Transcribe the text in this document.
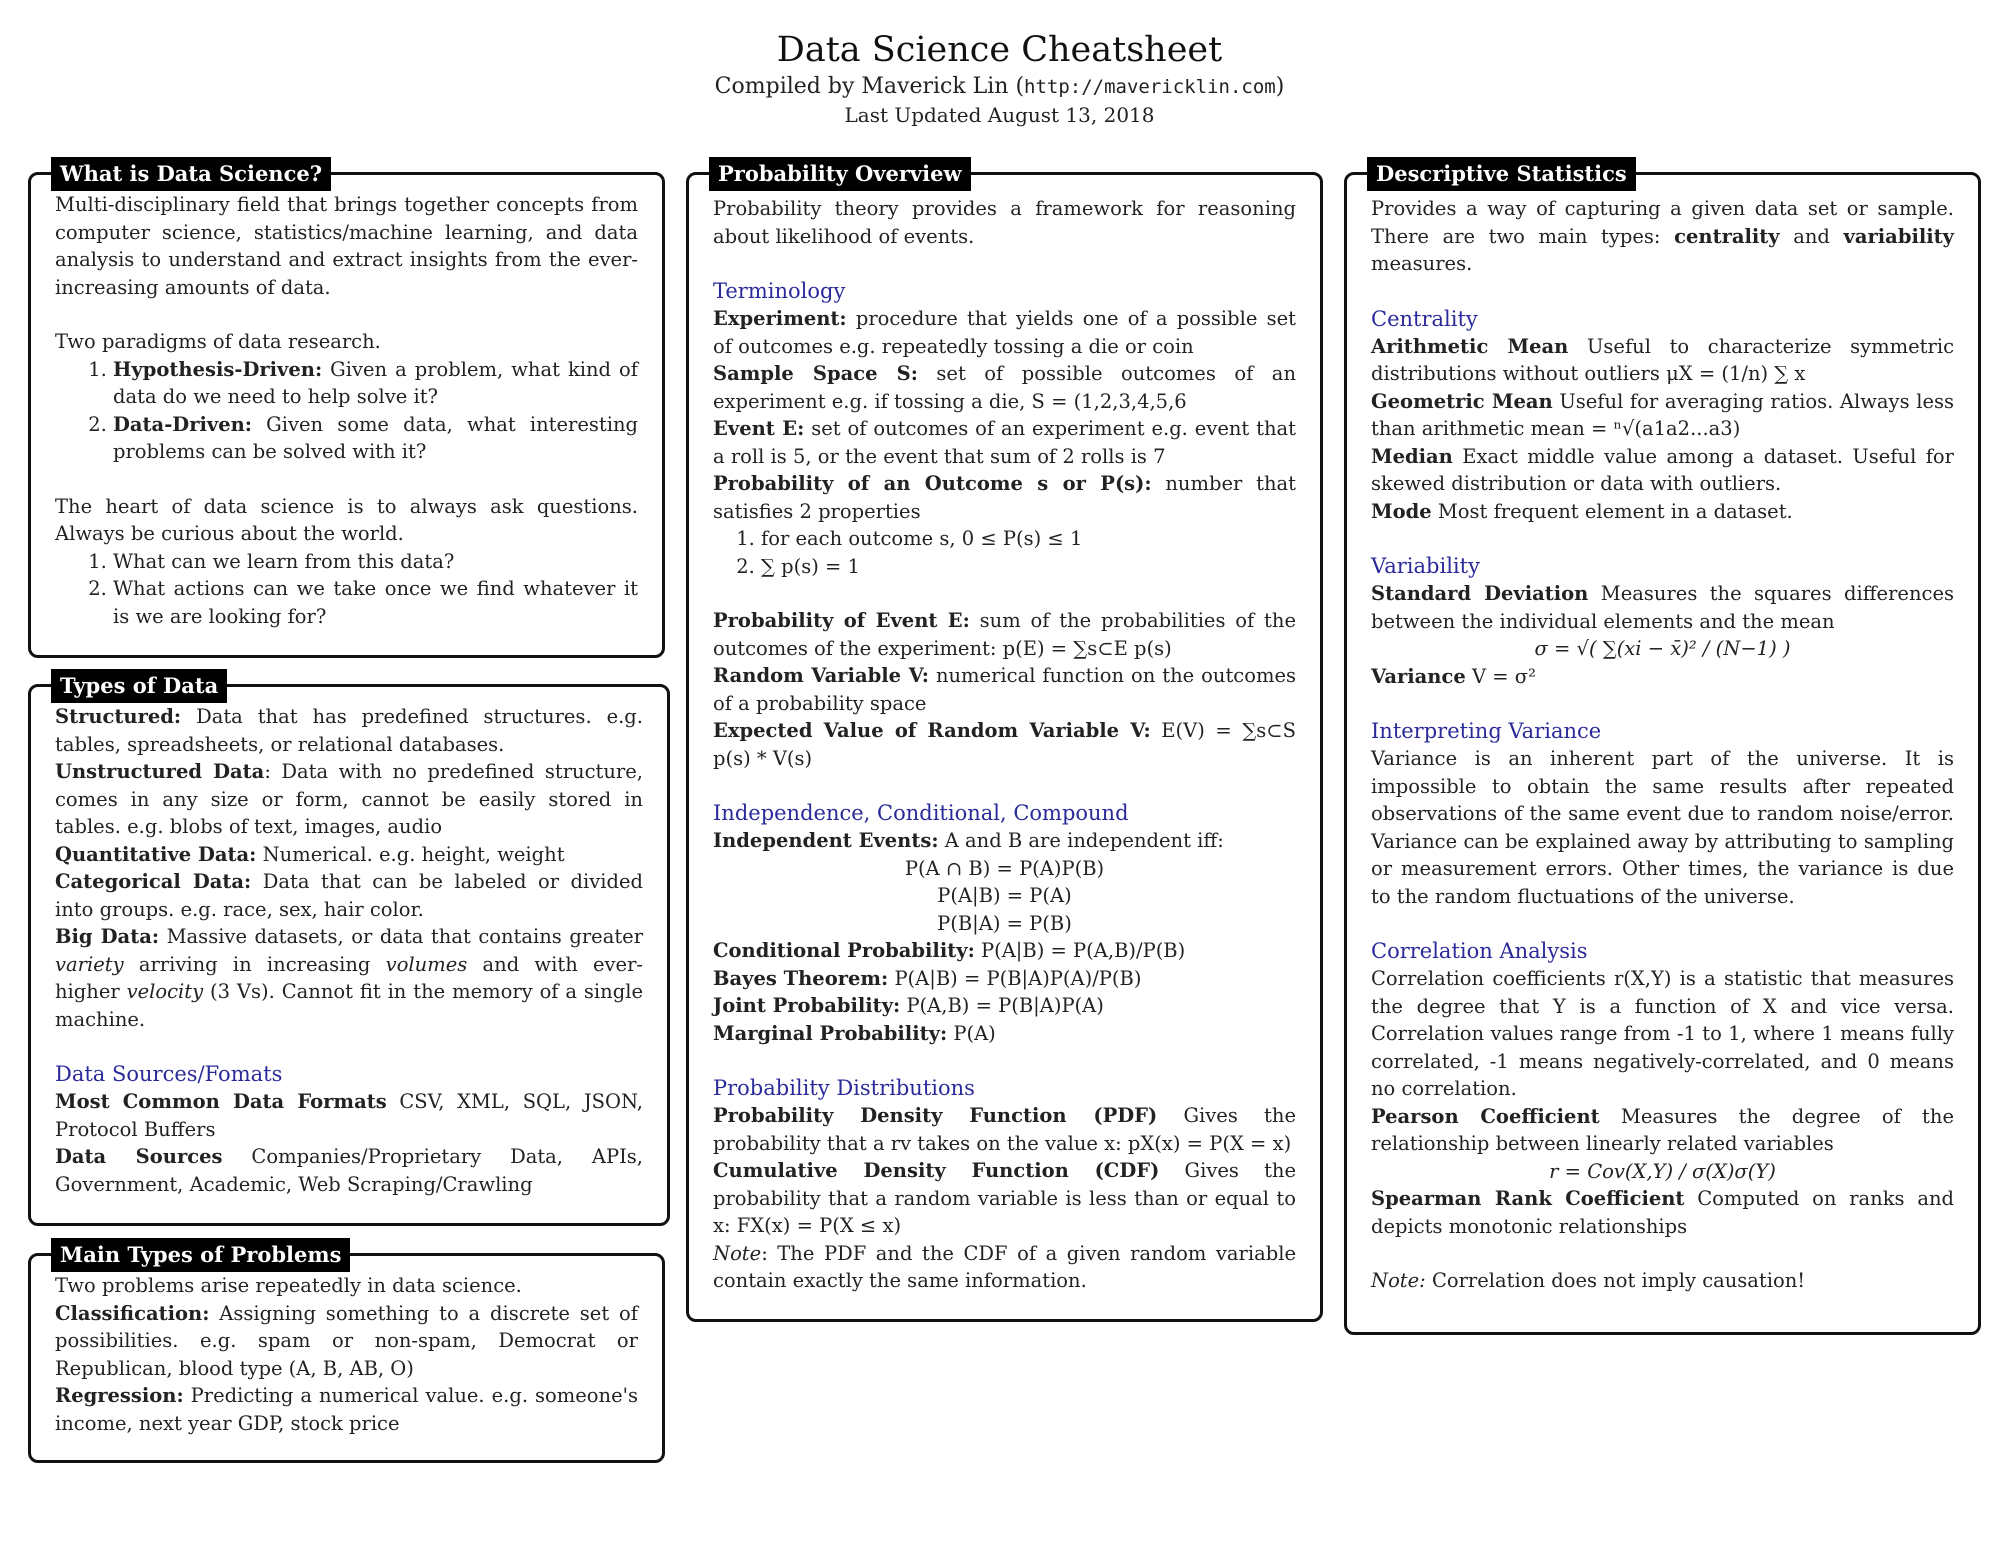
Data Science Cheatsheet
Compiled by Maverick Lin (http://mavericklin.com)
Last Updated August 13, 2018
What is Data Science?
Multi-disciplinary field that brings together concepts from computer science, statistics/machine learning, and data analysis to understand and extract insights from the ever-increasing amounts of data.
Two paradigms of data research.
1. Hypothesis-Driven: Given a problem, what kind of data do we need to help solve it?
2. Data-Driven: Given some data, what interesting problems can be solved with it?
The heart of data science is to always ask questions. Always be curious about the world.
1. What can we learn from this data?
2. What actions can we take once we find whatever it is we are looking for?
Types of Data
Structured: Data that has predefined structures. e.g. tables, spreadsheets, or relational databases.
Unstructured Data: Data with no predefined structure, comes in any size or form, cannot be easily stored in tables. e.g. blobs of text, images, audio
Quantitative Data: Numerical. e.g. height, weight
Categorical Data: Data that can be labeled or divided into groups. e.g. race, sex, hair color.
Big Data: Massive datasets, or data that contains greater variety arriving in increasing volumes and with ever-higher velocity (3 Vs). Cannot fit in the memory of a single machine.
Data Sources/Fomats
Most Common Data Formats CSV, XML, SQL, JSON, Protocol Buffers
Data Sources Companies/Proprietary Data, APIs, Government, Academic, Web Scraping/Crawling
Main Types of Problems
Two problems arise repeatedly in data science.
Classification: Assigning something to a discrete set of possibilities. e.g. spam or non-spam, Democrat or Republican, blood type (A, B, AB, O)
Regression: Predicting a numerical value. e.g. someone's income, next year GDP, stock price
Probability Overview
Probability theory provides a framework for reasoning about likelihood of events.
Terminology
Experiment: procedure that yields one of a possible set of outcomes e.g. repeatedly tossing a die or coin
Sample Space S: set of possible outcomes of an experiment e.g. if tossing a die, S = (1,2,3,4,5,6
Event E: set of outcomes of an experiment e.g. event that a roll is 5, or the event that sum of 2 rolls is 7
Probability of an Outcome s or P(s): number that satisfies 2 properties
1. for each outcome s, 0 ≤ P(s) ≤ 1
2. ∑ p(s) = 1
Probability of Event E: sum of the probabilities of the outcomes of the experiment: p(E) = ∑s⊂E p(s)
Random Variable V: numerical function on the outcomes of a probability space
Expected Value of Random Variable V: E(V) = ∑s⊂S p(s) * V(s)
Independence, Conditional, Compound
Independent Events: A and B are independent iff:
P(A ∩ B) = P(A)P(B)
P(A|B) = P(A)
P(B|A) = P(B)
Conditional Probability: P(A|B) = P(A,B)/P(B)
Bayes Theorem: P(A|B) = P(B|A)P(A)/P(B)
Joint Probability: P(A,B) = P(B|A)P(A)
Marginal Probability: P(A)
Probability Distributions
Probability Density Function (PDF) Gives the probability that a rv takes on the value x: pX(x) = P(X = x)
Cumulative Density Function (CDF) Gives the probability that a random variable is less than or equal to x: FX(x) = P(X ≤ x)
Note: The PDF and the CDF of a given random variable contain exactly the same information.
Descriptive Statistics
Provides a way of capturing a given data set or sample. There are two main types: centrality and variability measures.
Centrality
Arithmetic Mean Useful to characterize symmetric distributions without outliers μX = (1/n) ∑ x
Geometric Mean Useful for averaging ratios. Always less than arithmetic mean = ⁿ√(a1a2...a3)
Median Exact middle value among a dataset. Useful for skewed distribution or data with outliers.
Mode Most frequent element in a dataset.
Variability
Standard Deviation Measures the squares differences between the individual elements and the mean
σ = √( ∑(xi − x̄)² / (N−1) )
Variance V = σ²
Interpreting Variance
Variance is an inherent part of the universe. It is impossible to obtain the same results after repeated observations of the same event due to random noise/error. Variance can be explained away by attributing to sampling or measurement errors. Other times, the variance is due to the random fluctuations of the universe.
Correlation Analysis
Correlation coefficients r(X,Y) is a statistic that measures the degree that Y is a function of X and vice versa. Correlation values range from -1 to 1, where 1 means fully correlated, -1 means negatively-correlated, and 0 means no correlation.
Pearson Coefficient Measures the degree of the relationship between linearly related variables
r = Cov(X,Y) / σ(X)σ(Y)
Spearman Rank Coefficient Computed on ranks and depicts monotonic relationships
Note: Correlation does not imply causation!
